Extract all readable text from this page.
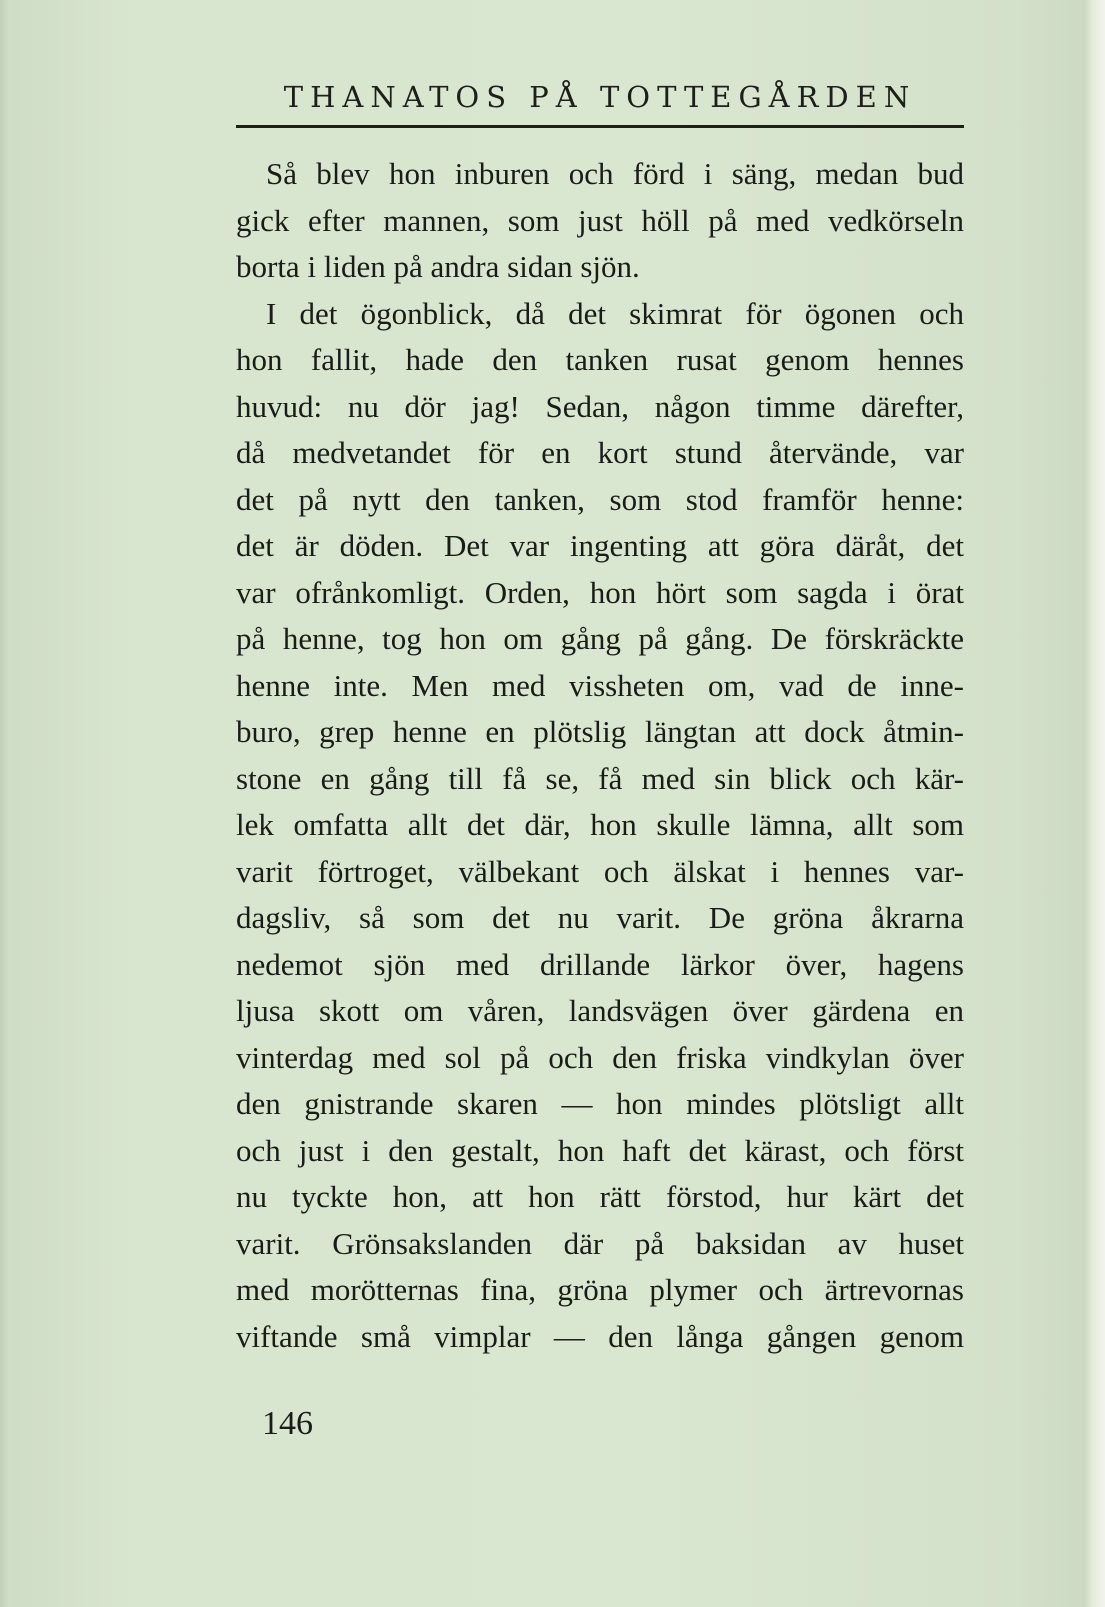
THANATOS PÅ TOTTEGÅRDEN
Så blev hon inburen och förd i säng, medan bud
gick efter mannen, som just höll på med vedkörseln
borta i liden på andra sidan sjön.
I det ögonblick, då det skimrat för ögonen och
hon fallit, hade den tanken rusat genom hennes
huvud: nu dör jag! Sedan, någon timme därefter,
då medvetandet för en kort stund återvände, var
det på nytt den tanken, som stod framför henne:
det är döden. Det var ingenting att göra däråt, det
var ofrånkomligt. Orden, hon hört som sagda i örat
på henne, tog hon om gång på gång. De förskräckte
henne inte. Men med vissheten om, vad de inne-
buro, grep henne en plötslig längtan att dock åtmin-
stone en gång till få se, få med sin blick och kär-
lek omfatta allt det där, hon skulle lämna, allt som
varit förtroget, välbekant och älskat i hennes var-
dagsliv, så som det nu varit. De gröna åkrarna
nedemot sjön med drillande lärkor över, hagens
ljusa skott om våren, landsvägen över gärdena en
vinterdag med sol på och den friska vindkylan över
den gnistrande skaren — hon mindes plötsligt allt
och just i den gestalt, hon haft det kärast, och först
nu tyckte hon, att hon rätt förstod, hur kärt det
varit. Grönsakslanden där på baksidan av huset
med morötternas fina, gröna plymer och ärtrevornas
viftande små vimplar — den långa gången genom
146
